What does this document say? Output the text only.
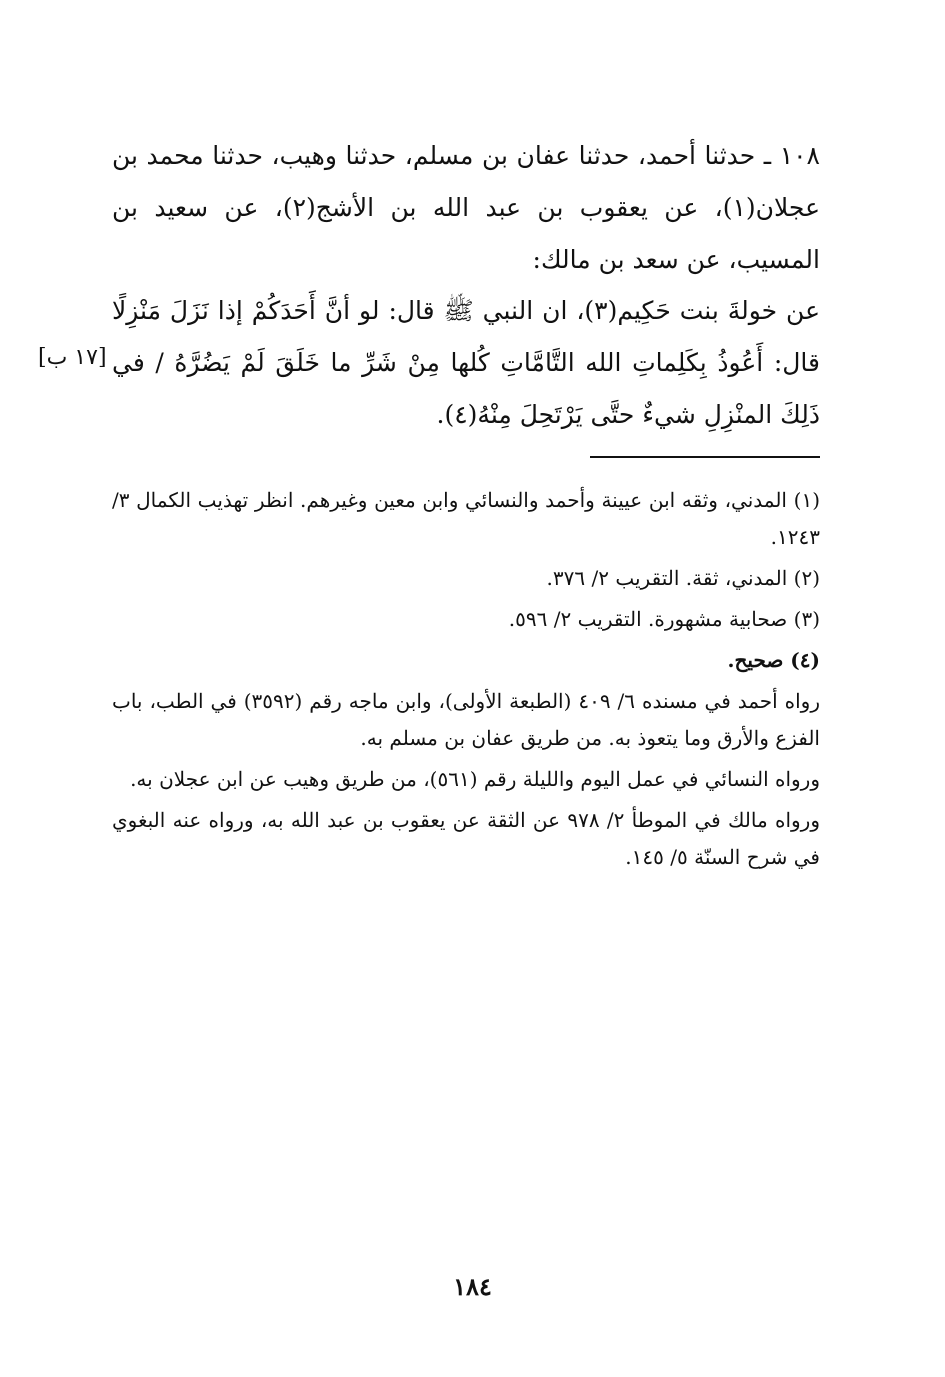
١٠٨ ـ حدثنا أحمد، حدثنا عفان بن مسلم، حدثنا وهيب، حدثنا محمد بن عجلان(١)، عن يعقوب بن عبد الله بن الأشج(٢)، عن سعيد بن المسيب، عن سعد بن مالك:

عن خولةَ بنت حَكِيم(٣)، ان النبي ﷺ قال: لو أنَّ أَحَدَكُمْ إذا نَزَلَ مَنْزِلًا قال: أَعُوذُ بِكَلِماتِ الله التَّامَّاتِ كُلها مِنْ شَرِّ ما خَلَقَ لَمْ يَضُرَّهُ / في ذَلِكَ المنْزِلِ شيءٌ حتَّى يَرْتَحِلَ مِنْهُ(٤).

[١٧ ب]

(١) المدني، وثقه ابن عيينة وأحمد والنسائي وابن معين وغيرهم. انظر تهذيب الكمال ٣/ ١٢٤٣.

(٢) المدني، ثقة. التقريب ٢/ ٣٧٦.

(٣) صحابية مشهورة. التقريب ٢/ ٥٩٦.

(٤) صحيح.

رواه أحمد في مسنده ٦/ ٤٠٩ (الطبعة الأولى)، وابن ماجه رقم (٣٥٩٢) في الطب، باب الفزع والأرق وما يتعوذ به. من طريق عفان بن مسلم به.

ورواه النسائي في عمل اليوم والليلة رقم (٥٦١)، من طريق وهيب عن ابن عجلان به.

ورواه مالك في الموطأ ٢/ ٩٧٨ عن الثقة عن يعقوب بن عبد الله به، ورواه عنه البغوي في شرح السنّة ٥/ ١٤٥.

١٨٤
